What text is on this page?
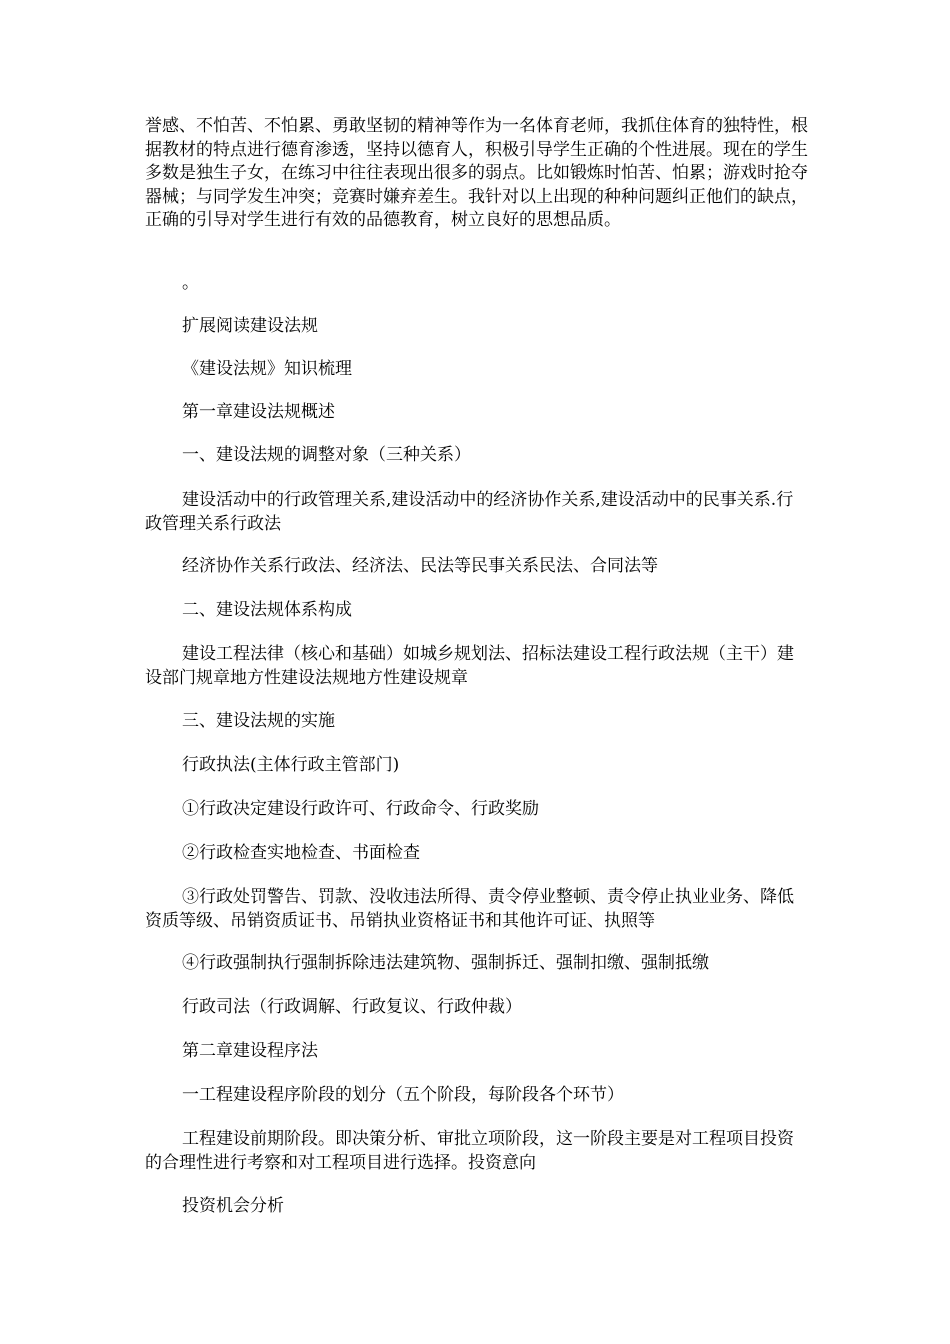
誉感、不怕苦、不怕累、勇敢坚韧的精神等作为一名体育老师，我抓住体育的独特性，根据教材的特点进行德育渗透，坚持以德育人，积极引导学生正确的个性进展。现在的学生多数是独生子女，在练习中往往表现出很多的弱点。比如锻炼时怕苦、怕累；游戏时抢夺器械；与同学发生冲突；竞赛时嫌弃差生。我针对以上出现的种种问题纠正他们的缺点，正确的引导对学生进行有效的品德教育，树立良好的思想品质。
。
扩展阅读建设法规
《建设法规》知识梳理
第一章建设法规概述
一、建设法规的调整对象（三种关系）
建设活动中的行政管理关系,建设活动中的经济协作关系,建设活动中的民事关系.行政管理关系行政法
经济协作关系行政法、经济法、民法等民事关系民法、合同法等
二、建设法规体系构成
建设工程法律（核心和基础）如城乡规划法、招标法建设工程行政法规（主干）建设部门规章地方性建设法规地方性建设规章
三、建设法规的实施
行政执法(主体行政主管部门)
①行政决定建设行政许可、行政命令、行政奖励
②行政检查实地检查、书面检查
③行政处罚警告、罚款、没收违法所得、责令停业整顿、责令停止执业业务、降低资质等级、吊销资质证书、吊销执业资格证书和其他许可证、执照等
④行政强制执行强制拆除违法建筑物、强制拆迁、强制扣缴、强制抵缴
行政司法（行政调解、行政复议、行政仲裁）
第二章建设程序法
一工程建设程序阶段的划分（五个阶段，每阶段各个环节）
工程建设前期阶段。即决策分析、审批立项阶段，这一阶段主要是对工程项目投资的合理性进行考察和对工程项目进行选择。投资意向
投资机会分析
